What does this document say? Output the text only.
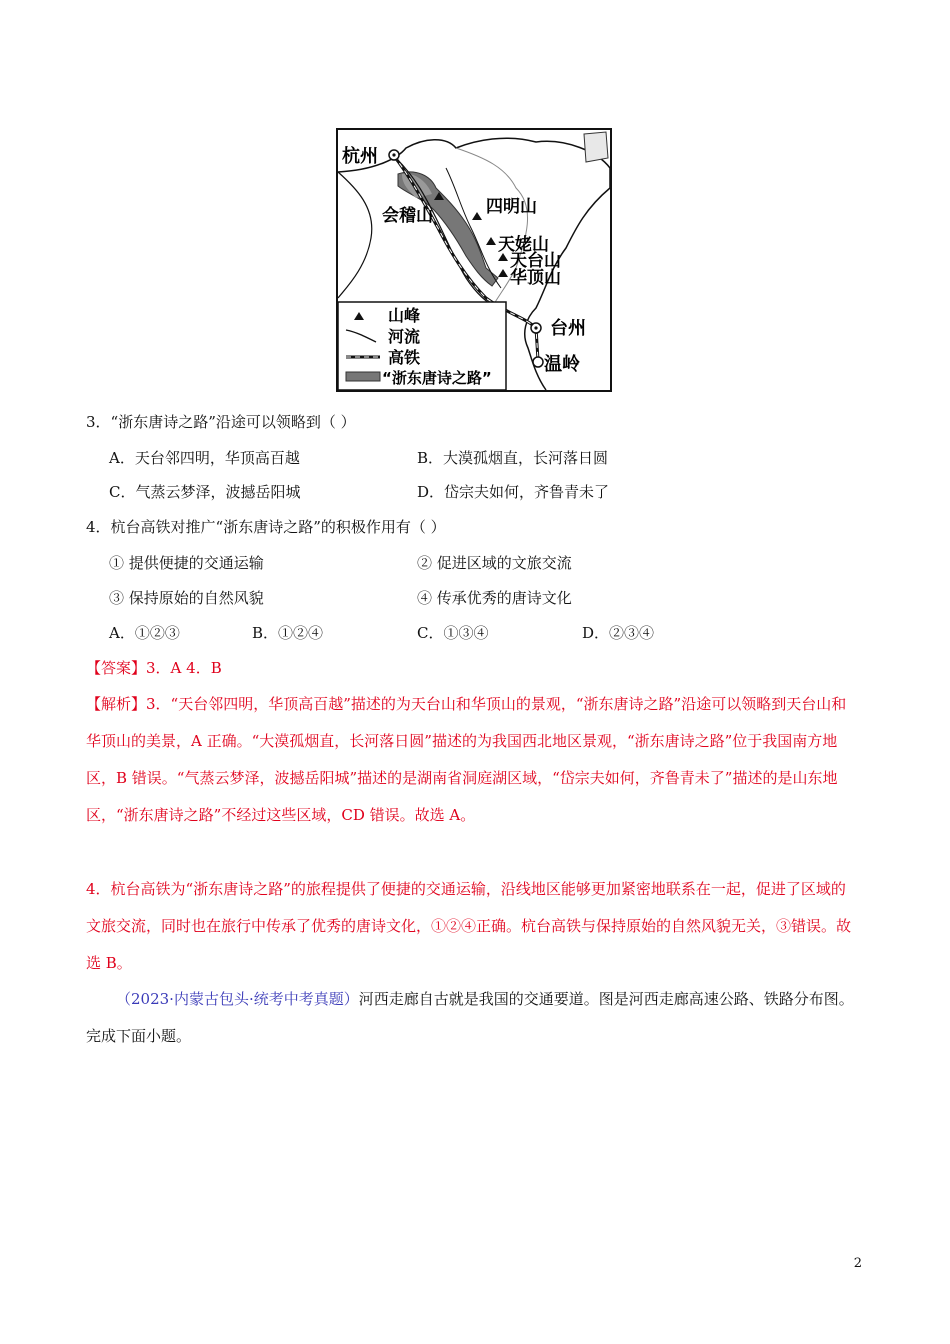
杭州
会稽山	四明山
天姥山
天台山
华顶山
台州
温岭
山峰
河流
高铁
“浙东唐诗之路”
3．“浙东唐诗之路”沿途可以领略到（ ）
A．天台邻四明，华顶高百越	B．大漠孤烟直，长河落日圆
C．气蒸云梦泽，波撼岳阳城	D．岱宗夫如何，齐鲁青未了
4．杭台高铁对推广“浙东唐诗之路”的积极作用有（ ）
① 提供便捷的交通运输	② 促进区域的文旅交流
③ 保持原始的自然风貌	④ 传承优秀的唐诗文化
A．①②③	B．①②④	C．①③④	D．②③④
【答案】3．A 4．B
【解析】3．“天台邻四明，华顶高百越”描述的为天台山和华顶山的景观，“浙东唐诗之路”沿途可以领略到天台山和华顶山的美景，A 正确。“大漠孤烟直，长河落日圆”描述的为我国西北地区景观，“浙东唐诗之路”位于我国南方地区，B 错误。“气蒸云梦泽，波撼岳阳城”描述的是湖南省洞庭湖区域，“岱宗夫如何，齐鲁青未了”描述的是山东地区，“浙东唐诗之路”不经过这些区域，CD 错误。故选 A。
4．杭台高铁为“浙东唐诗之路”的旅程提供了便捷的交通运输，沿线地区能够更加紧密地联系在一起，促进了区域的文旅交流，同时也在旅行中传承了优秀的唐诗文化，①②④正确。杭台高铁与保持原始的自然风貌无关，③错误。故选 B。
（2023·内蒙古包头·统考中考真题）河西走廊自古就是我国的交通要道。图是河西走廊高速公路、铁路分布图。完成下面小题。
2
